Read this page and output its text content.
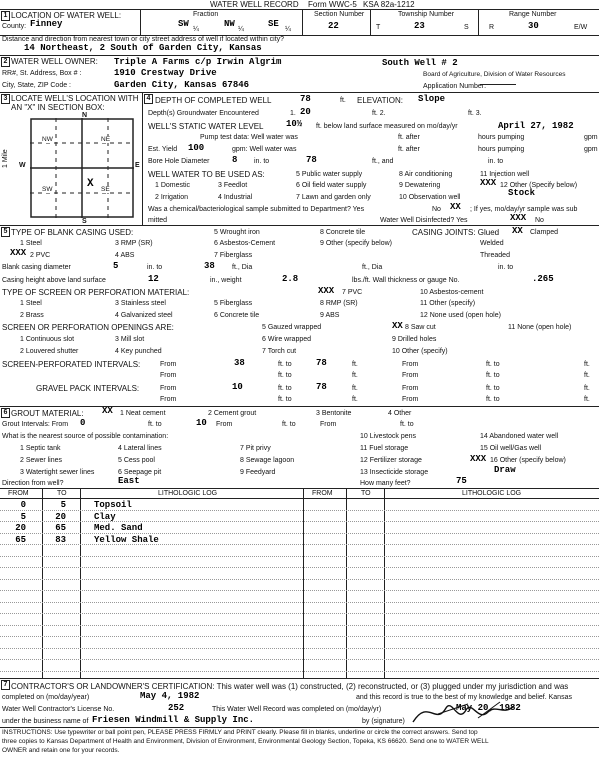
WATER WELL RECORD Form WWC-5 KSA 82a-1212
1 LOCATION OF WATER WELL:
County: Finney
Fraction
SW
¼
NW
¼
SE
¼
Section Number
22
Township Number
T	23	S
Range Number
R	30	E/W
Distance and direction from nearest town or city street address of well if located within city?
14 Northeast, 2 South of Garden City, Kansas
2 WATER WELL OWNER: Triple A Farms c/p Irwin Algrim	South Well # 2
RR#, St. Address, Box # :	1910 Crestway Drive	Board of Agriculture, Division of Water Resources
City, State, ZIP Code :	Garden City, Kansas 67846	Application Number:
3 LOCATE WELL'S LOCATION WITH
AN "X" IN SECTION BOX:
N
S
W	E
1 Mile
NW	NE
SW	SE
X
4 DEPTH OF COMPLETED WELL	78	ft. ELEVATION: Slope
Depth(s) Groundwater Encountered	1. 20	ft. 2.	ft. 3.
WELL'S STATIC WATER LEVEL	10½ ft. below land surface measured on mo/day/yr	April 27, 1982
Pump test data: Well water was	ft. after	hours pumping	gpm
Est. Yield 100	gpm: Well water was	ft. after	hours pumping	gpm
Bore Hole Diameter	8 in. to	78	ft., and	in. to
WELL WATER TO BE USED AS:
1 Domestic	3 Feedlot
5 Public water supply	8 Air conditioning	11 Injection well
2 Irrigation	4 Industrial
6 Oil field water supply	9 Dewatering	XXX 12 Other (Specify below)
Stock
7 Lawn and garden only	10 Observation well
Was a chemical/bacteriological sample submitted to Department? Yes	No XX ; If yes, mo/day/yr sample was sub
mitted	Water Well Disinfected? Yes	XXX No
5 TYPE OF BLANK CASING USED:	5 Wrought iron	8 Concrete tile	CASING JOINTS: Glued XX Clamped
1 Steel	3 RMP (SR)	6 Asbestos-Cement	9 Other (specify below)	Welded
XXX 2 PVC	4 ABS	7 Fiberglass	Threaded
Blank casing diameter	5	in. to	38 ft., Dia	ft., Dia	in. to
Casing height above land surface	12	in., weight	2.8	lbs./ft. Wall thickness or gauge No.	.265
TYPE OF SCREEN OR PERFORATION MATERIAL:	XXX 7 PVC	10 Asbestos-cement
1 Steel	3 Stainless steel	5 Fiberglass	8 RMP (SR)	11 Other (specify)
2 Brass	4 Galvanized steel	6 Concrete tile	9 ABS	12 None used (open hole)
SCREEN OR PERFORATION OPENINGS ARE:	5 Gauzed wrapped	XX 8 Saw cut	11 None (open hole)
1 Continuous slot	3 Mill slot	6 Wire wrapped	9 Drilled holes
2 Louvered shutter	4 Key punched	7 Torch cut	10 Other (specify)
SCREEN-PERFORATED INTERVALS:	From	38	ft. to	78	ft.	From	ft. to	ft.
From	ft. to	ft.	From	ft. to	ft.
GRAVEL PACK INTERVALS:	From	10	ft. to	78	ft.	From	ft. to	ft.
From	ft. to	ft.	From	ft. to	ft.
6 GROUT MATERIAL: XX 1 Neat cement	2 Cement grout	3 Bentonite	4 Other
Grout Intervals: From 0	ft. to	10 From	ft. to	From	ft. to
What is the nearest source of possible contamination:	10 Livestock pens	14 Abandoned water well
1 Septic tank	4 Lateral lines	7 Pit privy	11 Fuel storage	15 Oil well/Gas well
2 Sewer lines	5 Cess pool	8 Sewage lagoon	12 Fertilizer storage	XXX 16 Other (specify below)
3 Watertight sewer lines	6 Seepage pit	9 Feedyard	13 Insecticide storage	Draw
Direction from well?	East	How many feet?	75
FROM	TO	LITHOLOGIC LOG	FROM	TO	LITHOLOGIC LOG
0	5	Topsoil
5	20	Clay
20	65	Med. Sand
65	83	Yellow Shale
7 CONTRACTOR'S OR LANDOWNER'S CERTIFICATION: This water well was (1) constructed, (2) reconstructed, or (3) plugged under my jurisdiction and was
completed on (mo/day/year)	May 4, 1982	and this record is true to the best of my knowledge and belief. Kansas
Water Well Contractor's License No.	252	This Water Well Record was completed on (mo/day/yr)	May 20, 1982
under the business name of Friesen Windmill & Supply Inc.	by (signature)
INSTRUCTIONS: Use typewriter or ball point pen, PLEASE PRESS FIRMLY and PRINT clearly. Please fill in blanks, underline or circle the correct answers. Send top
three copies to Kansas Department of Health and Environment, Division of Environment, Environmental Geology Section, Topeka, KS 66620. Send one to WATER WELL
OWNER and retain one for your records.
